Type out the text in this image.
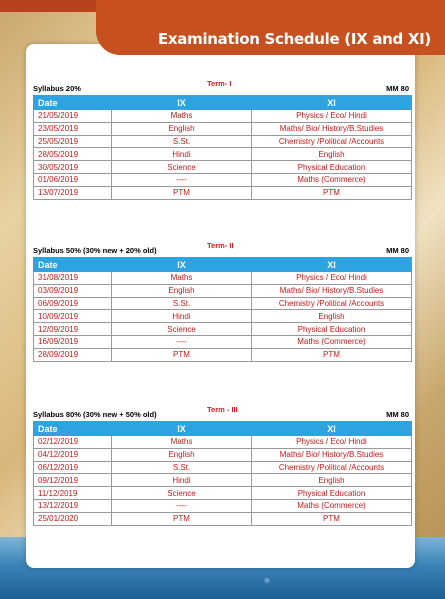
Examination Schedule (IX and XI)
Syllabus 20%
Term- I
MM 80
Date	IX	XI
21/05/2019	Maths	Physics / Eco/ Hindi
23/05/2019	English	Maths/ Bio/ History/B.Studies
25/05/2019	S.St.	Chemistry /Political /Accounts
28/05/2019	Hindi	English
30/05/2019	Science	Physical Education
01/06/2019	----	Maths (Commerce)
13/07/2019	PTM	PTM
Syllabus 50% (30% new + 20% old)
Term- II
MM 80
Date	IX	XI
31/08/2019	Maths	Physics / Eco/ Hindi
03/09/2019	English	Maths/ Bio/ History/B.Studies
06/09/2019	S.St.	Chemistry /Political /Accounts
10/09/2019	Hindi	English
12/09/2019	Science	Physical Education
16/09/2019	----	Maths (Commerce)
28/09/2019	PTM	PTM
Syllabus 80% (30% new + 50% old)
Term - III
MM 80
Date	IX	XI
02/12/2019	Maths	Physics / Eco/ Hindi
04/12/2019	English	Maths/ Bio/ History/B.Studies
06/12/2019	S.St.	Chemistry /Political /Accounts
09/12/2019	Hindi	English
11/12/2019	Science	Physical Education
13/12/2019	----	Maths (Commerce)
25/01/2020	PTM	PTM
